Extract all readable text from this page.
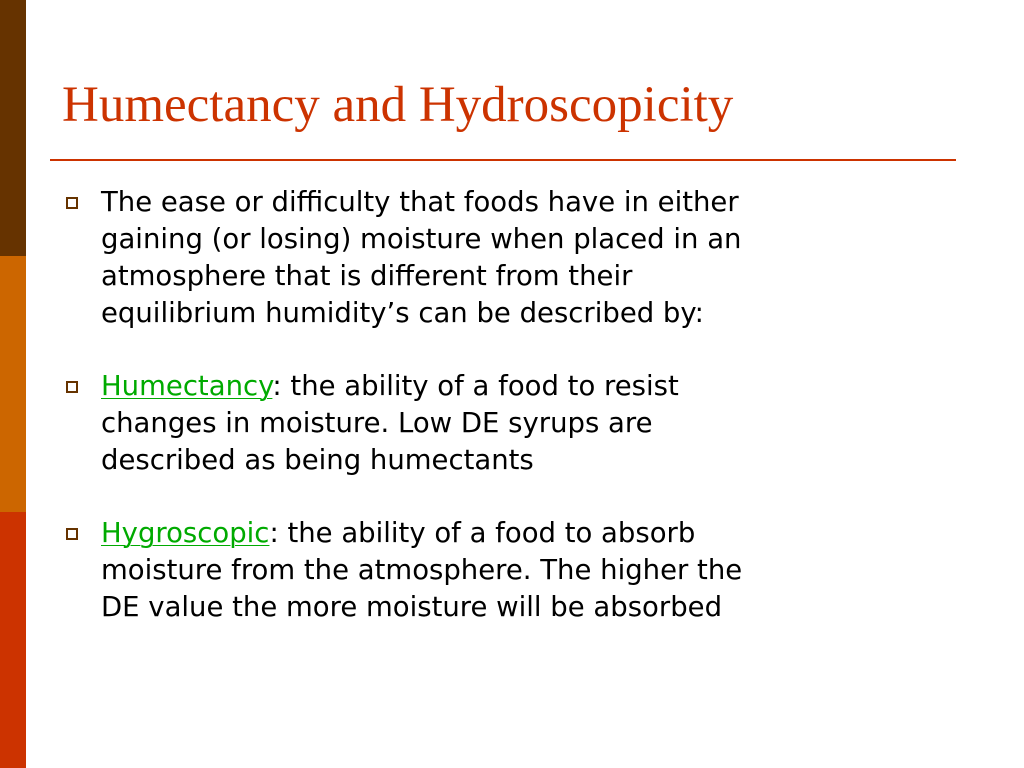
Humectancy and Hydroscopicity
The ease or difficulty that foods have in either
gaining (or losing) moisture when placed in an
atmosphere that is different from their
equilibrium humidity’s can be described by:
Humectancy: the ability of a food to resist
changes in moisture. Low DE syrups are
described as being humectants
Hygroscopic: the ability of a food to absorb
moisture from the atmosphere. The higher the
DE value the more moisture will be absorbed
